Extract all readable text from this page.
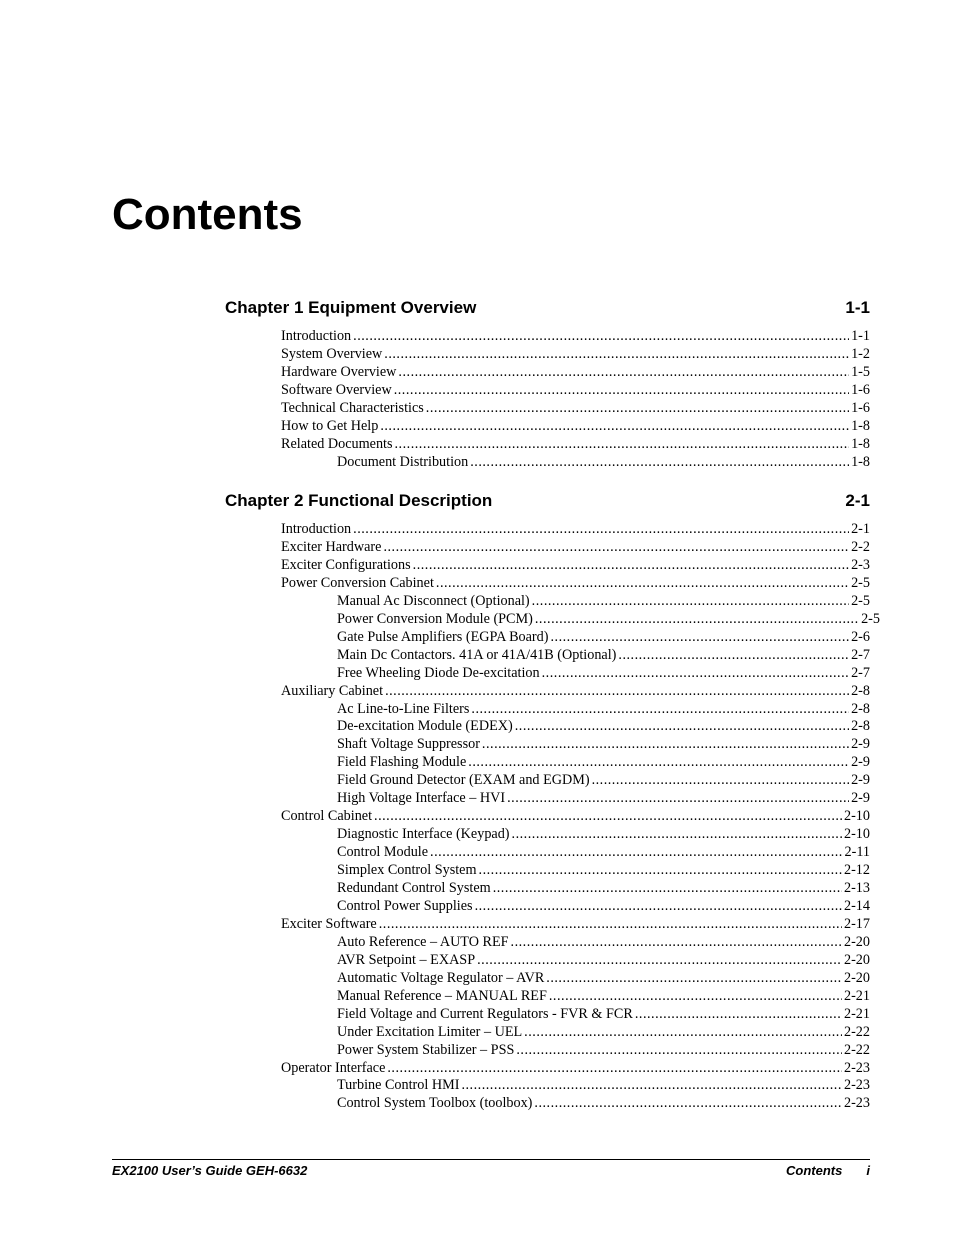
Contents
Chapter 1 Equipment Overview	1-1
Introduction .....	1-1
System Overview .....	1-2
Hardware Overview .....	1-5
Software Overview .....	1-6
Technical Characteristics .....	1-6
How to Get Help .....	1-8
Related Documents .....	1-8
Document Distribution .....	1-8
Chapter 2 Functional Description	2-1
Introduction .....	2-1
Exciter Hardware .....	2-2
Exciter Configurations .....	2-3
Power Conversion Cabinet .....	2-5
Manual Ac Disconnect (Optional) .....	2-5
Power Conversion Module (PCM) .....	2-5
Gate Pulse Amplifiers (EGPA Board) .....	2-6
Main Dc Contactors. 41A or 41A/41B (Optional) .....	2-7
Free Wheeling Diode De-excitation .....	2-7
Auxiliary Cabinet .....	2-8
Ac Line-to-Line Filters .....	2-8
De-excitation Module (EDEX) .....	2-8
Shaft Voltage Suppressor .....	2-9
Field Flashing Module .....	2-9
Field Ground Detector (EXAM and EGDM) .....	2-9
High Voltage Interface – HVI .....	2-9
Control Cabinet .....	2-10
Diagnostic Interface (Keypad) .....	2-10
Control Module .....	2-11
Simplex Control System .....	2-12
Redundant Control System .....	2-13
Control Power Supplies .....	2-14
Exciter Software .....	2-17
Auto Reference – AUTO REF .....	2-20
AVR Setpoint – EXASP .....	2-20
Automatic Voltage Regulator – AVR .....	2-20
Manual Reference – MANUAL REF .....	2-21
Field Voltage and Current Regulators - FVR & FCR .....	2-21
Under Excitation Limiter – UEL .....	2-22
Power System Stabilizer – PSS .....	2-22
Operator Interface .....	2-23
Turbine Control HMI .....	2-23
Control System Toolbox (toolbox) .....	2-23
EX2100 User’s Guide GEH-6632	Contents i
